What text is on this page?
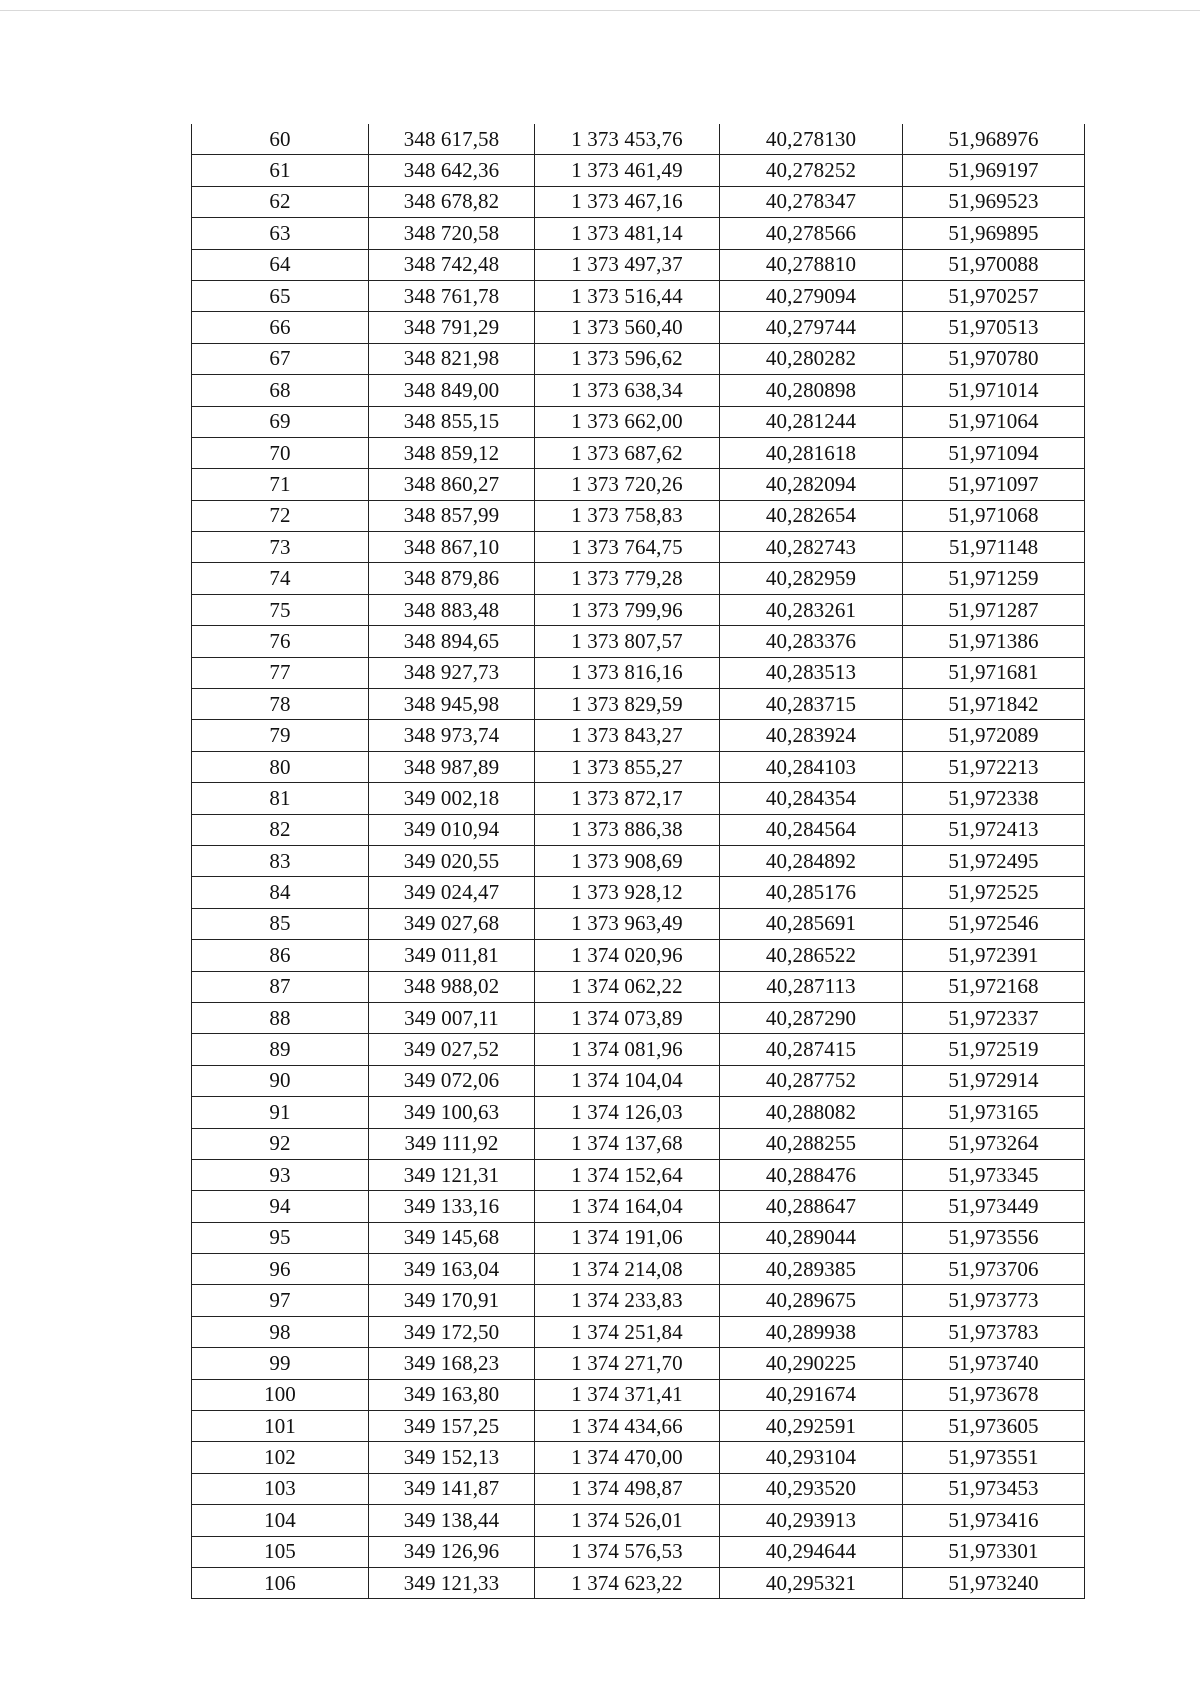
60	348 617,58	1 373 453,76	40,278130	51,968976
61	348 642,36	1 373 461,49	40,278252	51,969197
62	348 678,82	1 373 467,16	40,278347	51,969523
63	348 720,58	1 373 481,14	40,278566	51,969895
64	348 742,48	1 373 497,37	40,278810	51,970088
65	348 761,78	1 373 516,44	40,279094	51,970257
66	348 791,29	1 373 560,40	40,279744	51,970513
67	348 821,98	1 373 596,62	40,280282	51,970780
68	348 849,00	1 373 638,34	40,280898	51,971014
69	348 855,15	1 373 662,00	40,281244	51,971064
70	348 859,12	1 373 687,62	40,281618	51,971094
71	348 860,27	1 373 720,26	40,282094	51,971097
72	348 857,99	1 373 758,83	40,282654	51,971068
73	348 867,10	1 373 764,75	40,282743	51,971148
74	348 879,86	1 373 779,28	40,282959	51,971259
75	348 883,48	1 373 799,96	40,283261	51,971287
76	348 894,65	1 373 807,57	40,283376	51,971386
77	348 927,73	1 373 816,16	40,283513	51,971681
78	348 945,98	1 373 829,59	40,283715	51,971842
79	348 973,74	1 373 843,27	40,283924	51,972089
80	348 987,89	1 373 855,27	40,284103	51,972213
81	349 002,18	1 373 872,17	40,284354	51,972338
82	349 010,94	1 373 886,38	40,284564	51,972413
83	349 020,55	1 373 908,69	40,284892	51,972495
84	349 024,47	1 373 928,12	40,285176	51,972525
85	349 027,68	1 373 963,49	40,285691	51,972546
86	349 011,81	1 374 020,96	40,286522	51,972391
87	348 988,02	1 374 062,22	40,287113	51,972168
88	349 007,11	1 374 073,89	40,287290	51,972337
89	349 027,52	1 374 081,96	40,287415	51,972519
90	349 072,06	1 374 104,04	40,287752	51,972914
91	349 100,63	1 374 126,03	40,288082	51,973165
92	349 111,92	1 374 137,68	40,288255	51,973264
93	349 121,31	1 374 152,64	40,288476	51,973345
94	349 133,16	1 374 164,04	40,288647	51,973449
95	349 145,68	1 374 191,06	40,289044	51,973556
96	349 163,04	1 374 214,08	40,289385	51,973706
97	349 170,91	1 374 233,83	40,289675	51,973773
98	349 172,50	1 374 251,84	40,289938	51,973783
99	349 168,23	1 374 271,70	40,290225	51,973740
100	349 163,80	1 374 371,41	40,291674	51,973678
101	349 157,25	1 374 434,66	40,292591	51,973605
102	349 152,13	1 374 470,00	40,293104	51,973551
103	349 141,87	1 374 498,87	40,293520	51,973453
104	349 138,44	1 374 526,01	40,293913	51,973416
105	349 126,96	1 374 576,53	40,294644	51,973301
106	349 121,33	1 374 623,22	40,295321	51,973240
